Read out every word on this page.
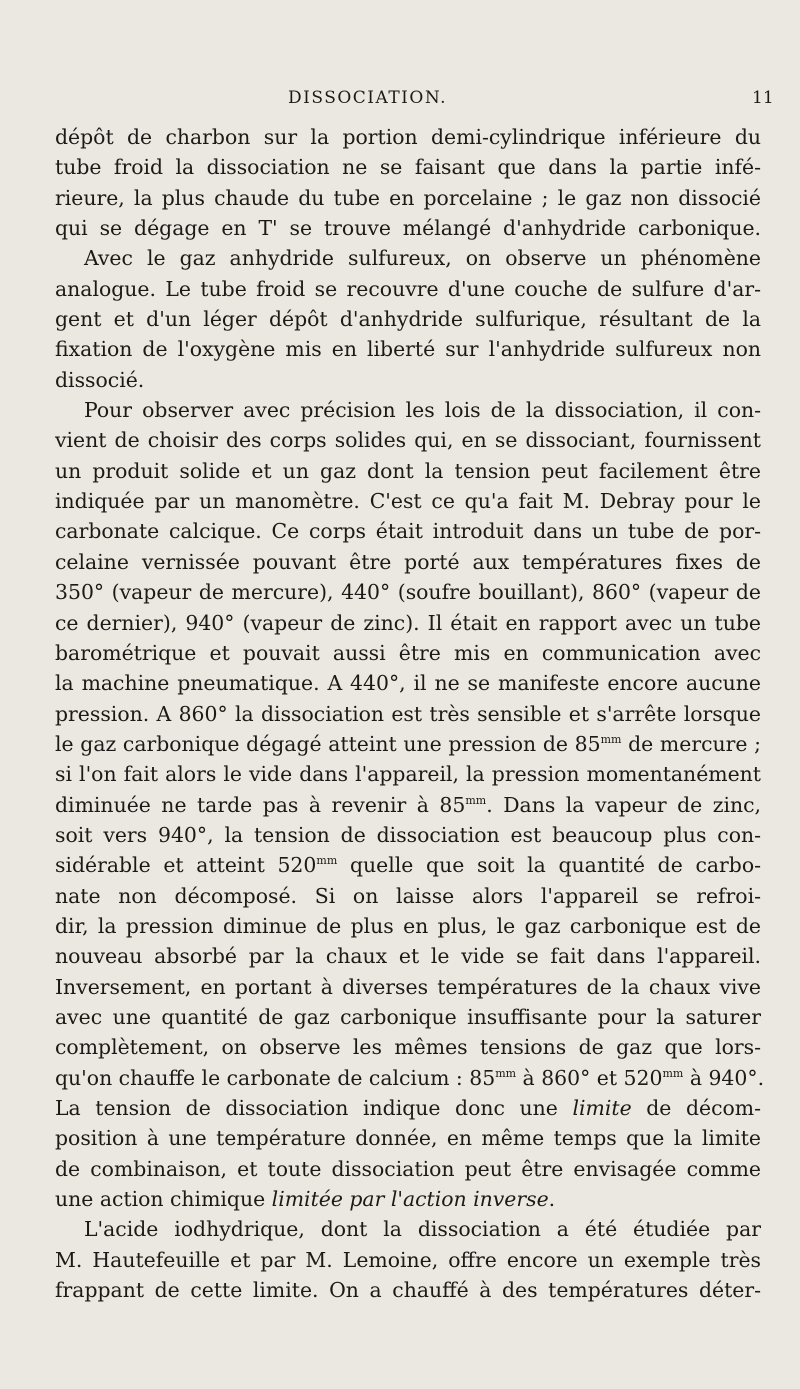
DISSOCIATION.	11
dépôt de charbon sur la portion demi-cylindrique inférieure du
tube froid la dissociation ne se faisant que dans la partie infé-
rieure, la plus chaude du tube en porcelaine ; le gaz non dissocié
qui se dégage en T' se trouve mélangé d'anhydride carbonique.
Avec le gaz anhydride sulfureux, on observe un phénomène
analogue. Le tube froid se recouvre d'une couche de sulfure d'ar-
gent et d'un léger dépôt d'anhydride sulfurique, résultant de la
fixation de l'oxygène mis en liberté sur l'anhydride sulfureux non
dissocié.
Pour observer avec précision les lois de la dissociation, il con-
vient de choisir des corps solides qui, en se dissociant, fournissent
un produit solide et un gaz dont la tension peut facilement être
indiquée par un manomètre. C'est ce qu'a fait M. Debray pour le
carbonate calcique. Ce corps était introduit dans un tube de por-
celaine vernissée pouvant être porté aux températures fixes de
350° (vapeur de mercure), 440° (soufre bouillant), 860° (vapeur de
ce dernier), 940° (vapeur de zinc). Il était en rapport avec un tube
barométrique et pouvait aussi être mis en communication avec
la machine pneumatique. A 440°, il ne se manifeste encore aucune
pression. A 860° la dissociation est très sensible et s'arrête lorsque
le gaz carbonique dégagé atteint une pression de $85^{mm}$ de mercure ;
si l'on fait alors le vide dans l'appareil, la pression momentanément
diminuée ne tarde pas à revenir à $85^{mm}$. Dans la vapeur de zinc,
soit vers 940°, la tension de dissociation est beaucoup plus con-
sidérable et atteint $520^{mm}$ quelle que soit la quantité de carbo-
nate non décomposé. Si on laisse alors l'appareil se refroi-
dir, la pression diminue de plus en plus, le gaz carbonique est de
nouveau absorbé par la chaux et le vide se fait dans l'appareil.
Inversement, en portant à diverses températures de la chaux vive
avec une quantité de gaz carbonique insuffisante pour la saturer
complètement, on observe les mêmes tensions de gaz que lors-
qu'on chauffe le carbonate de calcium : $85^{mm}$ à 860° et $520^{mm}$ à 940°.
La tension de dissociation indique donc une limite de décom-
position à une température donnée, en même temps que la limite
de combinaison, et toute dissociation peut être envisagée comme
une action chimique limitée par l'action inverse.
L'acide iodhydrique, dont la dissociation a été étudiée par
M. Hautefeuille et par M. Lemoine, offre encore un exemple très
frappant de cette limite. On a chauffé à des températures déter-
